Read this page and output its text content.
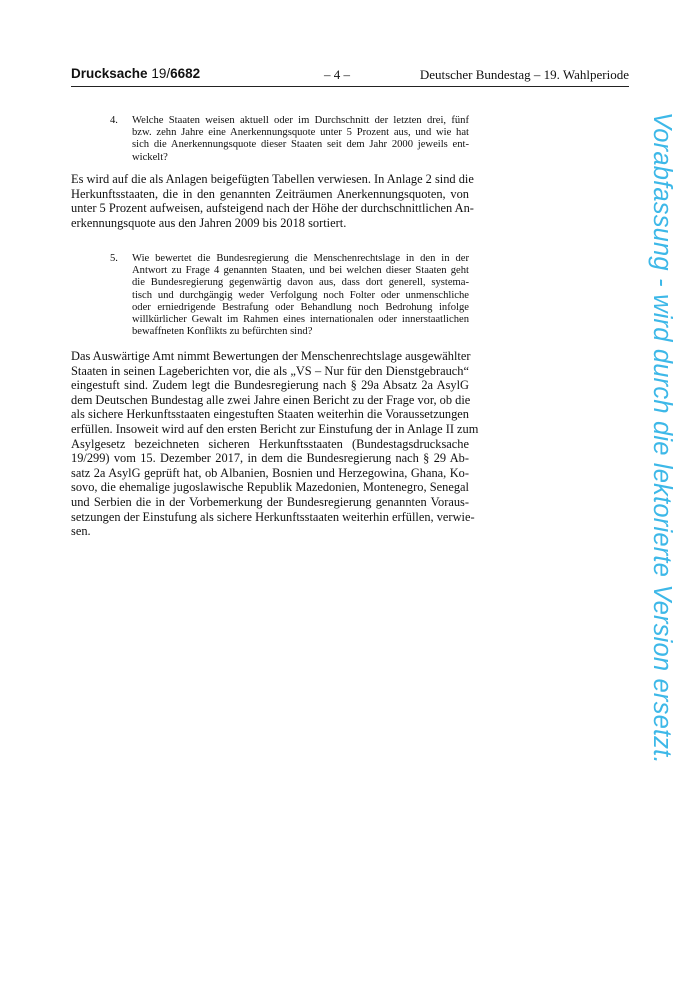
Drucksache 19/6682	– 4 –	Deutscher Bundestag – 19. Wahlperiode
4. Welche Staaten weisen aktuell oder im Durchschnitt der letzten drei, fünf
bzw. zehn Jahre eine Anerkennungsquote unter 5 Prozent aus, und wie hat
sich die Anerkennungsquote dieser Staaten seit dem Jahr 2000 jeweils ent-
wickelt?
Es wird auf die als Anlagen beigefügten Tabellen verwiesen. In Anlage 2 sind die
Herkunftsstaaten, die in den genannten Zeiträumen Anerkennungsquoten, von
unter 5 Prozent aufweisen, aufsteigend nach der Höhe der durchschnittlichen An-
erkennungsquote aus den Jahren 2009 bis 2018 sortiert.
5. Wie bewertet die Bundesregierung die Menschenrechtslage in den in der
Antwort zu Frage 4 genannten Staaten, und bei welchen dieser Staaten geht
die Bundesregierung gegenwärtig davon aus, dass dort generell, systema-
tisch und durchgängig weder Verfolgung noch Folter oder unmenschliche
oder erniedrigende Bestrafung oder Behandlung noch Bedrohung infolge
willkürlicher Gewalt im Rahmen eines internationalen oder innerstaatlichen
bewaffneten Konflikts zu befürchten sind?
Das Auswärtige Amt nimmt Bewertungen der Menschenrechtslage ausgewählter
Staaten in seinen Lageberichten vor, die als „VS – Nur für den Dienstgebrauch“
eingestuft sind. Zudem legt die Bundesregierung nach § 29a Absatz 2a AsylG
dem Deutschen Bundestag alle zwei Jahre einen Bericht zu der Frage vor, ob die
als sichere Herkunftsstaaten eingestuften Staaten weiterhin die Voraussetzungen
erfüllen. Insoweit wird auf den ersten Bericht zur Einstufung der in Anlage II zum
Asylgesetz bezeichneten sicheren Herkunftsstaaten (Bundestagsdrucksache
19/299) vom 15. Dezember 2017, in dem die Bundesregierung nach § 29 Ab-
satz 2a AsylG geprüft hat, ob Albanien, Bosnien und Herzegowina, Ghana, Ko-
sovo, die ehemalige jugoslawische Republik Mazedonien, Montenegro, Senegal
und Serbien die in der Vorbemerkung der Bundesregierung genannten Voraus-
setzungen der Einstufung als sichere Herkunftsstaaten weiterhin erfüllen, verwie-
sen.	Vorabfassung - wird durch die lektorierte Version ersetzt.
